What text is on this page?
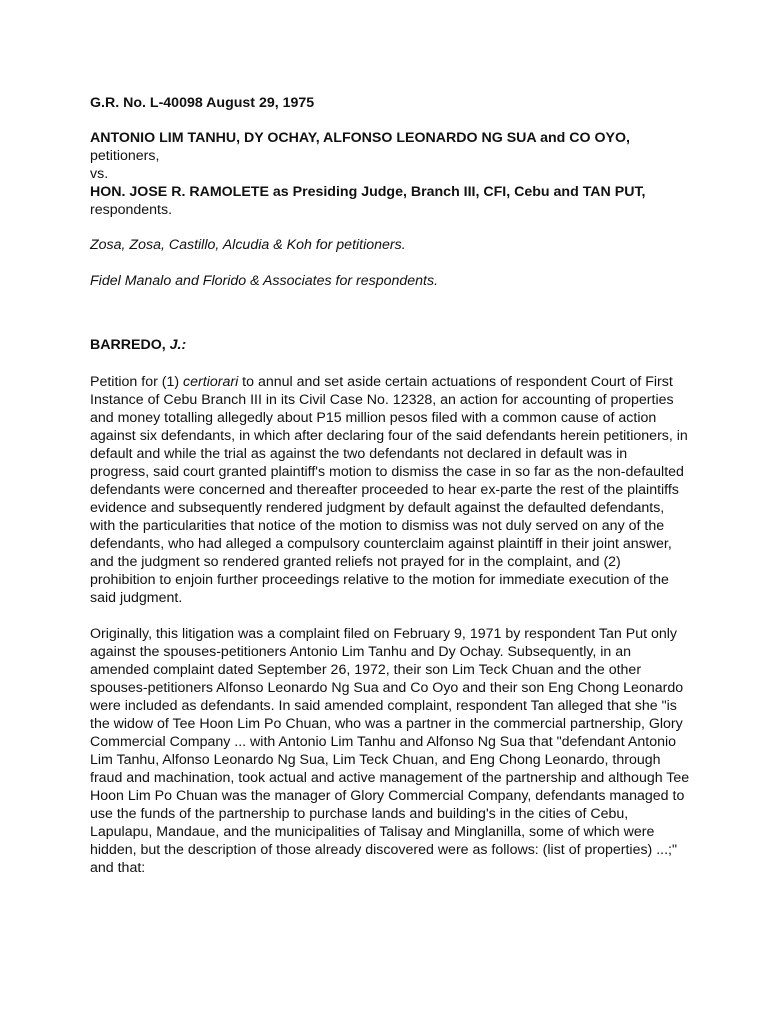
G.R. No. L-40098 August 29, 1975

ANTONIO LIM TANHU, DY OCHAY, ALFONSO LEONARDO NG SUA and CO OYO, petitioners,
vs.
HON. JOSE R. RAMOLETE as Presiding Judge, Branch III, CFI, Cebu and TAN PUT, respondents.

Zosa, Zosa, Castillo, Alcudia & Koh for petitioners.

Fidel Manalo and Florido & Associates for respondents.

BARREDO, J.:

Petition for (1) certiorari to annul and set aside certain actuations of respondent Court of First Instance of Cebu Branch III in its Civil Case No. 12328, an action for accounting of properties and money totalling allegedly about P15 million pesos filed with a common cause of action against six defendants, in which after declaring four of the said defendants herein petitioners, in default and while the trial as against the two defendants not declared in default was in progress, said court granted plaintiff's motion to dismiss the case in so far as the non-defaulted defendants were concerned and thereafter proceeded to hear ex-parte the rest of the plaintiffs evidence and subsequently rendered judgment by default against the defaulted defendants, with the particularities that notice of the motion to dismiss was not duly served on any of the defendants, who had alleged a compulsory counterclaim against plaintiff in their joint answer, and the judgment so rendered granted reliefs not prayed for in the complaint, and (2) prohibition to enjoin further proceedings relative to the motion for immediate execution of the said judgment.

Originally, this litigation was a complaint filed on February 9, 1971 by respondent Tan Put only against the spouses-petitioners Antonio Lim Tanhu and Dy Ochay. Subsequently, in an amended complaint dated September 26, 1972, their son Lim Teck Chuan and the other spouses-petitioners Alfonso Leonardo Ng Sua and Co Oyo and their son Eng Chong Leonardo were included as defendants. In said amended complaint, respondent Tan alleged that she "is the widow of Tee Hoon Lim Po Chuan, who was a partner in the commercial partnership, Glory Commercial Company ... with Antonio Lim Tanhu and Alfonso Ng Sua that "defendant Antonio Lim Tanhu, Alfonso Leonardo Ng Sua, Lim Teck Chuan, and Eng Chong Leonardo, through fraud and machination, took actual and active management of the partnership and although Tee Hoon Lim Po Chuan was the manager of Glory Commercial Company, defendants managed to use the funds of the partnership to purchase lands and building's in the cities of Cebu, Lapulapu, Mandaue, and the municipalities of Talisay and Minglanilla, some of which were hidden, but the description of those already discovered were as follows: (list of properties) ...;" and that:
